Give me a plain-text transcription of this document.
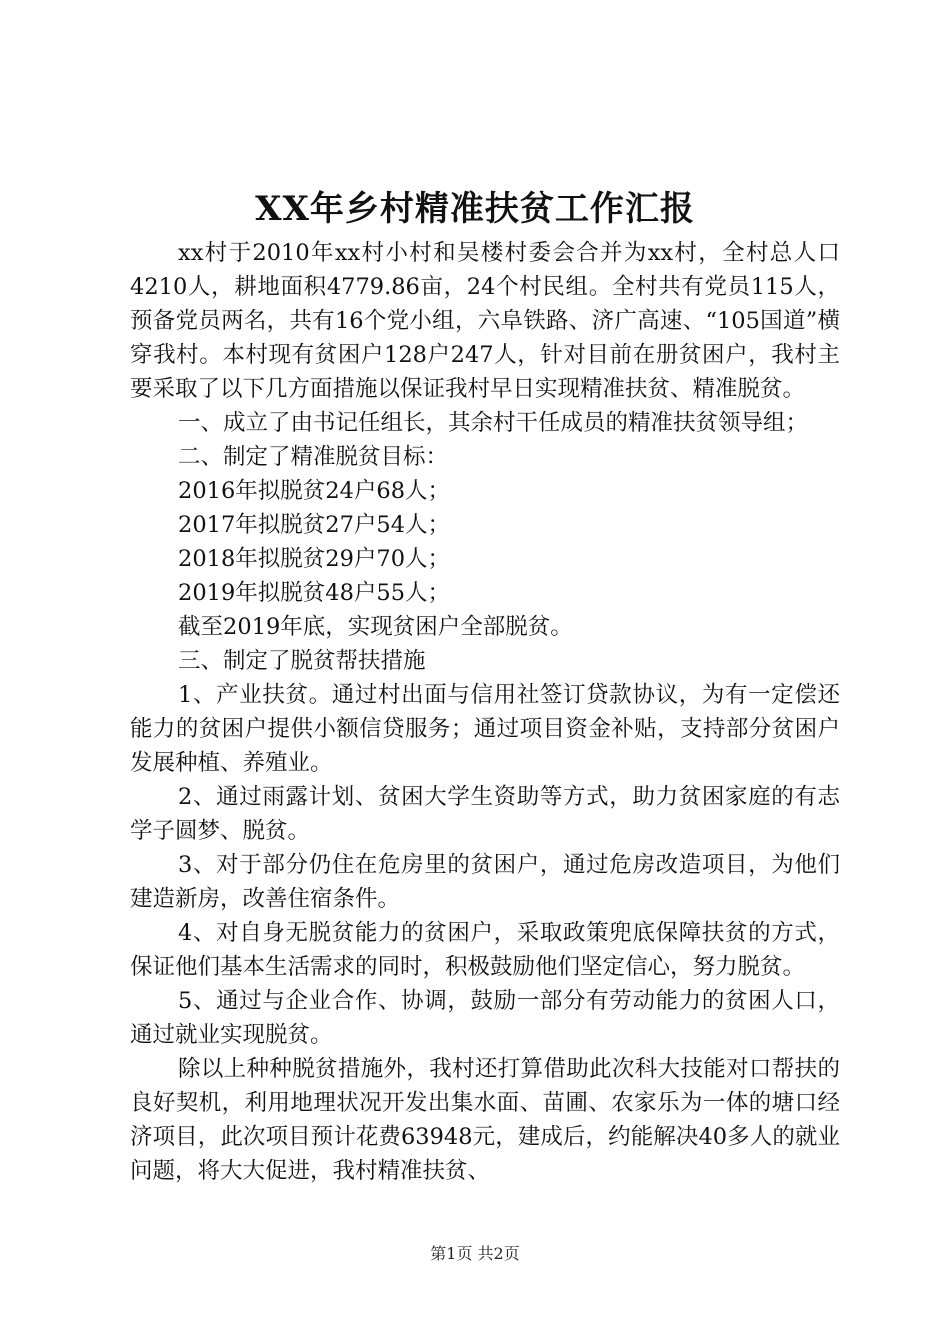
XX年乡村精准扶贫工作汇报

xx村于2010年xx村小村和吴楼村委会合并为xx村，全村总人口4210人，耕地面积4779.86亩，24个村民组。全村共有党员115人，预备党员两名，共有16个党小组，六阜铁路、济广高速、“105国道”横穿我村。本村现有贫困户128户247人，针对目前在册贫困户，我村主要采取了以下几方面措施以保证我村早日实现精准扶贫、精准脱贫。

一、成立了由书记任组长，其余村干任成员的精准扶贫领导组；

二、制定了精准脱贫目标：

2016年拟脱贫24户68人；

2017年拟脱贫27户54人；

2018年拟脱贫29户70人；

2019年拟脱贫48户55人；

截至2019年底，实现贫困户全部脱贫。

三、制定了脱贫帮扶措施

1、产业扶贫。通过村出面与信用社签订贷款协议，为有一定偿还能力的贫困户提供小额信贷服务；通过项目资金补贴，支持部分贫困户发展种植、养殖业。

2、通过雨露计划、贫困大学生资助等方式，助力贫困家庭的有志学子圆梦、脱贫。

3、对于部分仍住在危房里的贫困户，通过危房改造项目，为他们建造新房，改善住宿条件。

4、对自身无脱贫能力的贫困户，采取政策兜底保障扶贫的方式，保证他们基本生活需求的同时，积极鼓励他们坚定信心，努力脱贫。

5、通过与企业合作、协调，鼓励一部分有劳动能力的贫困人口，通过就业实现脱贫。

除以上种种脱贫措施外，我村还打算借助此次科大技能对口帮扶的良好契机，利用地理状况开发出集水面、苗圃、农家乐为一体的塘口经济项目，此次项目预计花费63948元，建成后，约能解决40多人的就业问题，将大大促进，我村精准扶贫、

第1页 共2页
